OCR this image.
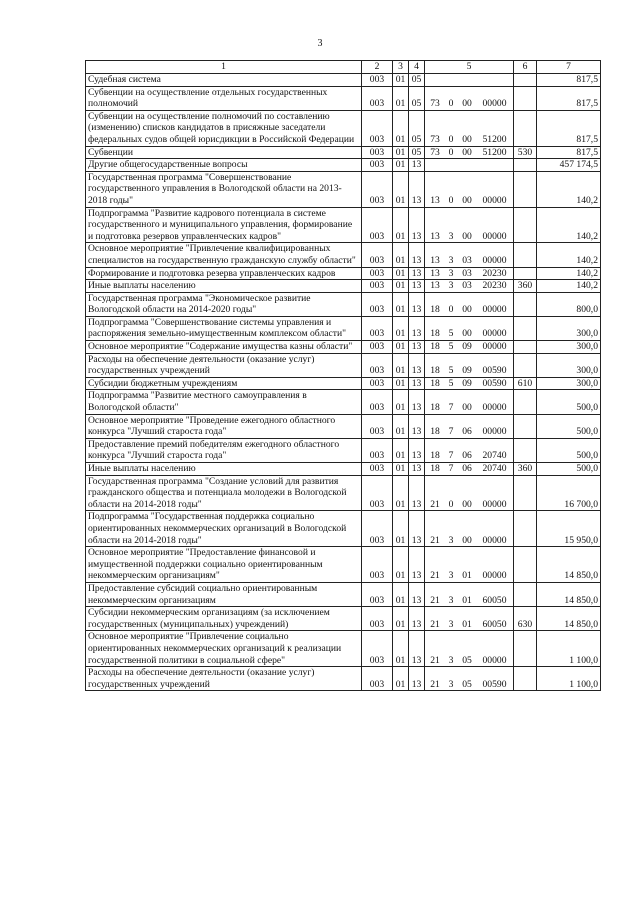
3
1	2	3	4	5	6	7
Судебная система	003	01	05			817,5
Субвенции на осуществление отдельных государственных полномочий	003	01	05	73 0 00 00000		817,5
Субвенции на осуществление полномочий по составлению (изменению) списков кандидатов в присяжные заседатели федеральных судов общей юрисдикции в Российской Федерации	003	01	05	73 0 00 51200		817,5
Субвенции	003	01	05	73 0 00 51200	530	817,5
Другие общегосударственные вопросы	003	01	13			457 174,5
Государственная программа "Совершенствование государственного управления в Вологодской области на 2013-2018 годы"	003	01	13	13 0 00 00000		140,2
Подпрограмма "Развитие кадрового потенциала в системе государственного и муниципального управления, формирование и подготовка резервов управленческих кадров"	003	01	13	13 3 00 00000		140,2
Основное мероприятие "Привлечение квалифицированных специалистов на государственную гражданскую службу области"	003	01	13	13 3 03 00000		140,2
Формирование и подготовка резерва управленческих кадров	003	01	13	13 3 03 20230		140,2
Иные выплаты населению	003	01	13	13 3 03 20230	360	140,2
Государственная программа "Экономическое развитие Вологодской области на 2014-2020 годы"	003	01	13	18 0 00 00000		800,0
Подпрограмма "Совершенствование системы управления и распоряжения земельно-имущественным комплексом области"	003	01	13	18 5 00 00000		300,0
Основное мероприятие "Содержание имущества казны области"	003	01	13	18 5 09 00000		300,0
Расходы на обеспечение деятельности (оказание услуг) государственных учреждений	003	01	13	18 5 09 00590		300,0
Субсидии бюджетным учреждениям	003	01	13	18 5 09 00590	610	300,0
Подпрограмма "Развитие местного самоуправления в Вологодской области"	003	01	13	18 7 00 00000		500,0
Основное мероприятие "Проведение ежегодного областного конкурса "Лучший староста года"	003	01	13	18 7 06 00000		500,0
Предоставление премий победителям ежегодного областного конкурса "Лучший староста года"	003	01	13	18 7 06 20740		500,0
Иные выплаты населению	003	01	13	18 7 06 20740	360	500,0
Государственная программа "Создание условий для развития гражданского общества и потенциала молодежи в Вологодской области на 2014-2018 годы"	003	01	13	21 0 00 00000		16 700,0
Подпрограмма "Государственная поддержка социально ориентированных некоммерческих организаций в Вологодской области на 2014-2018 годы"	003	01	13	21 3 00 00000		15 950,0
Основное мероприятие "Предоставление финансовой и имущественной поддержки социально ориентированным некоммерческим организациям"	003	01	13	21 3 01 00000		14 850,0
Предоставление субсидий социально ориентированным некоммерческим организациям	003	01	13	21 3 01 60050		14 850,0
Субсидии некоммерческим организациям (за исключением государственных (муниципальных) учреждений)	003	01	13	21 3 01 60050	630	14 850,0
Основное мероприятие "Привлечение социально ориентированных некоммерческих организаций к реализации государственной политики в социальной сфере"	003	01	13	21 3 05 00000		1 100,0
Расходы на обеспечение деятельности (оказание услуг) государственных учреждений	003	01	13	21 3 05 00590		1 100,0
